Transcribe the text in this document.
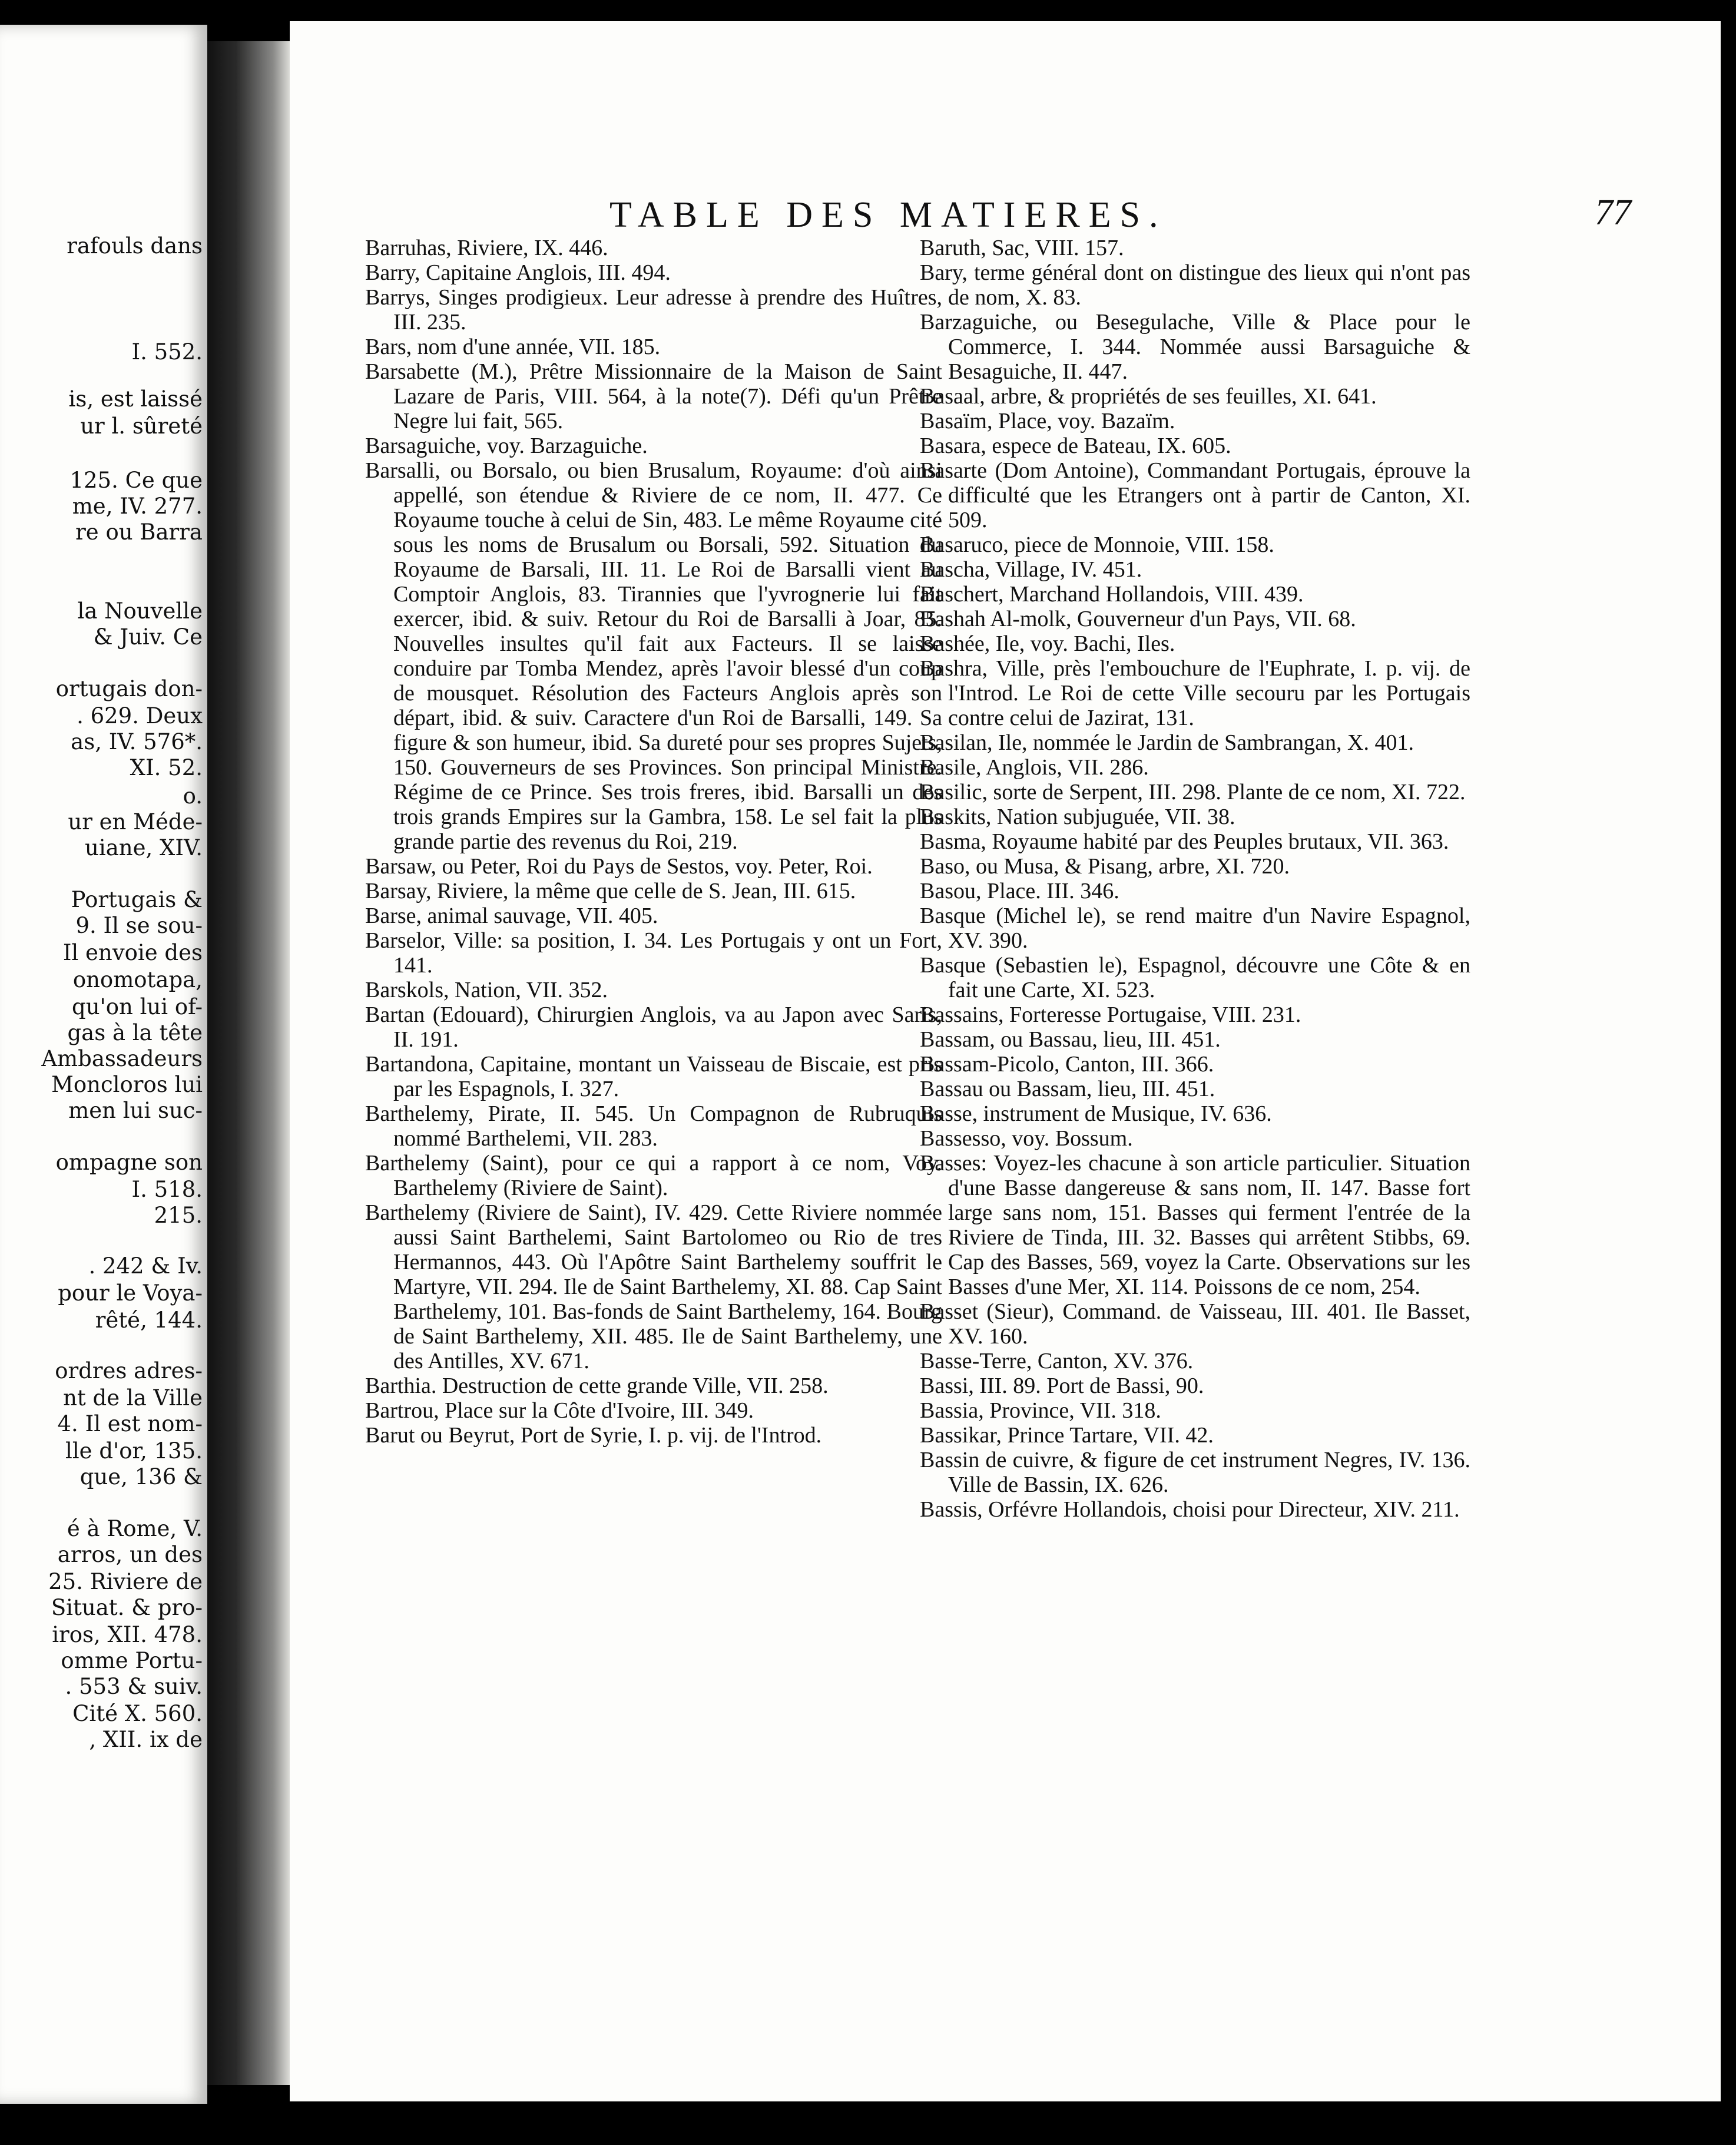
rafouls dans
I. 552.
is, est laissé
ur l. sûreté
125. Ce que
me, IV. 277.
re ou Barra
la Nouvelle
& Juiv. Ce
ortugais don-
. 629. Deux
as, IV. 576*.
XI. 52.
o.
ur en Méde-
uiane, XIV.
Portugais &
9. Il se sou-
Il envoie des
onomotapa,
qu'on lui of-
gas à la tête
Ambassadeurs
Moncloros lui
men lui suc-
ompagne son
I. 518.
215.
. 242 & Iv.
pour le Voya-
rêté, 144.
ordres adres-
nt de la Ville
4. Il est nom-
lle d'or, 135.
que, 136 &
é à Rome, V.
arros, un des
25. Riviere de
Situat. & pro-
iros, XII. 478.
omme Portu-
. 553 & suiv.
Cité X. 560.
, XII. ix de
TABLE DES MATIERES.	77
Barruhas, Riviere, IX. 446.
Barry, Capitaine Anglois, III. 494.
Barrys, Singes prodigieux. Leur adresse à prendre des Huîtres, III. 235.
Bars, nom d'une année, VII. 185.
Barsabette (M.), Prêtre Missionnaire de la Maison de Saint Lazare de Paris, VIII. 564, à la note(7). Défi qu'un Prêtre Negre lui fait, 565.
Barsaguiche, voy. Barzaguiche.
Barsalli, ou Borsalo, ou bien Brusalum, Royaume: d'où ainsi appellé, son étendue & Riviere de ce nom, II. 477. Ce Royaume touche à celui de Sin, 483. Le même Royaume cité sous les noms de Brusalum ou Borsali, 592. Situation du Royaume de Barsali, III. 11. Le Roi de Barsalli vient au Comptoir Anglois, 83. Tirannies que l'yvrognerie lui fait exercer, ibid. & suiv. Retour du Roi de Barsalli à Joar, 85. Nouvelles insultes qu'il fait aux Facteurs. Il se laisse conduire par Tomba Mendez, après l'avoir blessé d'un coup de mousquet. Résolution des Facteurs Anglois après son départ, ibid. & suiv. Caractere d'un Roi de Barsalli, 149. Sa figure & son humeur, ibid. Sa dureté pour ses propres Sujets, 150. Gouverneurs de ses Provinces. Son principal Ministre. Régime de ce Prince. Ses trois freres, ibid. Barsalli un des trois grands Empires sur la Gambra, 158. Le sel fait la plus grande partie des revenus du Roi, 219.
Barsaw, ou Peter, Roi du Pays de Sestos, voy. Peter, Roi.
Barsay, Riviere, la même que celle de S. Jean, III. 615.
Barse, animal sauvage, VII. 405.
Barselor, Ville: sa position, I. 34. Les Portugais y ont un Fort, 141.
Barskols, Nation, VII. 352.
Bartan (Edouard), Chirurgien Anglois, va au Japon avec Saris, II. 191.
Bartandona, Capitaine, montant un Vaisseau de Biscaie, est pris par les Espagnols, I. 327.
Barthelemy, Pirate, II. 545. Un Compagnon de Rubruquis nommé Barthelemi, VII. 283.
Barthelemy (Saint), pour ce qui a rapport à ce nom, Voy. Barthelemy (Riviere de Saint).
Barthelemy (Riviere de Saint), IV. 429. Cette Riviere nommée aussi Saint Barthelemi, Saint Bartolomeo ou Rio de tres Hermannos, 443. Où l'Apôtre Saint Barthelemy souffrit le Martyre, VII. 294. Ile de Saint Barthelemy, XI. 88. Cap Saint Barthelemy, 101. Bas-fonds de Saint Barthelemy, 164. Bourg de Saint Barthelemy, XII. 485. Ile de Saint Barthelemy, une des Antilles, XV. 671.
Barthia. Destruction de cette grande Ville, VII. 258.
Bartrou, Place sur la Côte d'Ivoire, III. 349.
Barut ou Beyrut, Port de Syrie, I. p. vij. de l'Introd.
Baruth, Sac, VIII. 157.
Bary, terme général dont on distingue des lieux qui n'ont pas de nom, X. 83.
Barzaguiche, ou Besegulache, Ville & Place pour le Commerce, I. 344. Nommée aussi Barsaguiche & Besaguiche, II. 447.
Basaal, arbre, & propriétés de ses feuilles, XI. 641.
Basaïm, Place, voy. Bazaïm.
Basara, espece de Bateau, IX. 605.
Basarte (Dom Antoine), Commandant Portugais, éprouve la difficulté que les Etrangers ont à partir de Canton, XI. 509.
Basaruco, piece de Monnoie, VIII. 158.
Bascha, Village, IV. 451.
Baschert, Marchand Hollandois, VIII. 439.
Bashah Al-molk, Gouverneur d'un Pays, VII. 68.
Bashée, Ile, voy. Bachi, Iles.
Bashra, Ville, près l'embouchure de l'Euphrate, I. p. vij. de l'Introd. Le Roi de cette Ville secouru par les Portugais contre celui de Jazirat, 131.
Basilan, Ile, nommée le Jardin de Sambrangan, X. 401.
Basile, Anglois, VII. 286.
Basilic, sorte de Serpent, III. 298. Plante de ce nom, XI. 722.
Baskits, Nation subjuguée, VII. 38.
Basma, Royaume habité par des Peuples brutaux, VII. 363.
Baso, ou Musa, & Pisang, arbre, XI. 720.
Basou, Place. III. 346.
Basque (Michel le), se rend maitre d'un Navire Espagnol, XV. 390.
Basque (Sebastien le), Espagnol, découvre une Côte & en fait une Carte, XI. 523.
Bassains, Forteresse Portugaise, VIII. 231.
Bassam, ou Bassau, lieu, III. 451.
Bassam-Picolo, Canton, III. 366.
Bassau ou Bassam, lieu, III. 451.
Basse, instrument de Musique, IV. 636.
Bassesso, voy. Bossum.
Basses: Voyez-les chacune à son article particulier. Situation d'une Basse dangereuse & sans nom, II. 147. Basse fort large sans nom, 151. Basses qui ferment l'entrée de la Riviere de Tinda, III. 32. Basses qui arrêtent Stibbs, 69. Cap des Basses, 569, voyez la Carte. Observations sur les Basses d'une Mer, XI. 114. Poissons de ce nom, 254.
Basset (Sieur), Command. de Vaisseau, III. 401. Ile Basset, XV. 160.
Basse-Terre, Canton, XV. 376.
Bassi, III. 89. Port de Bassi, 90.
Bassia, Province, VII. 318.
Bassikar, Prince Tartare, VII. 42.
Bassin de cuivre, & figure de cet instrument Negres, IV. 136. Ville de Bassin, IX. 626.
Bassis, Orfévre Hollandois, choisi pour Directeur, XIV. 211.
